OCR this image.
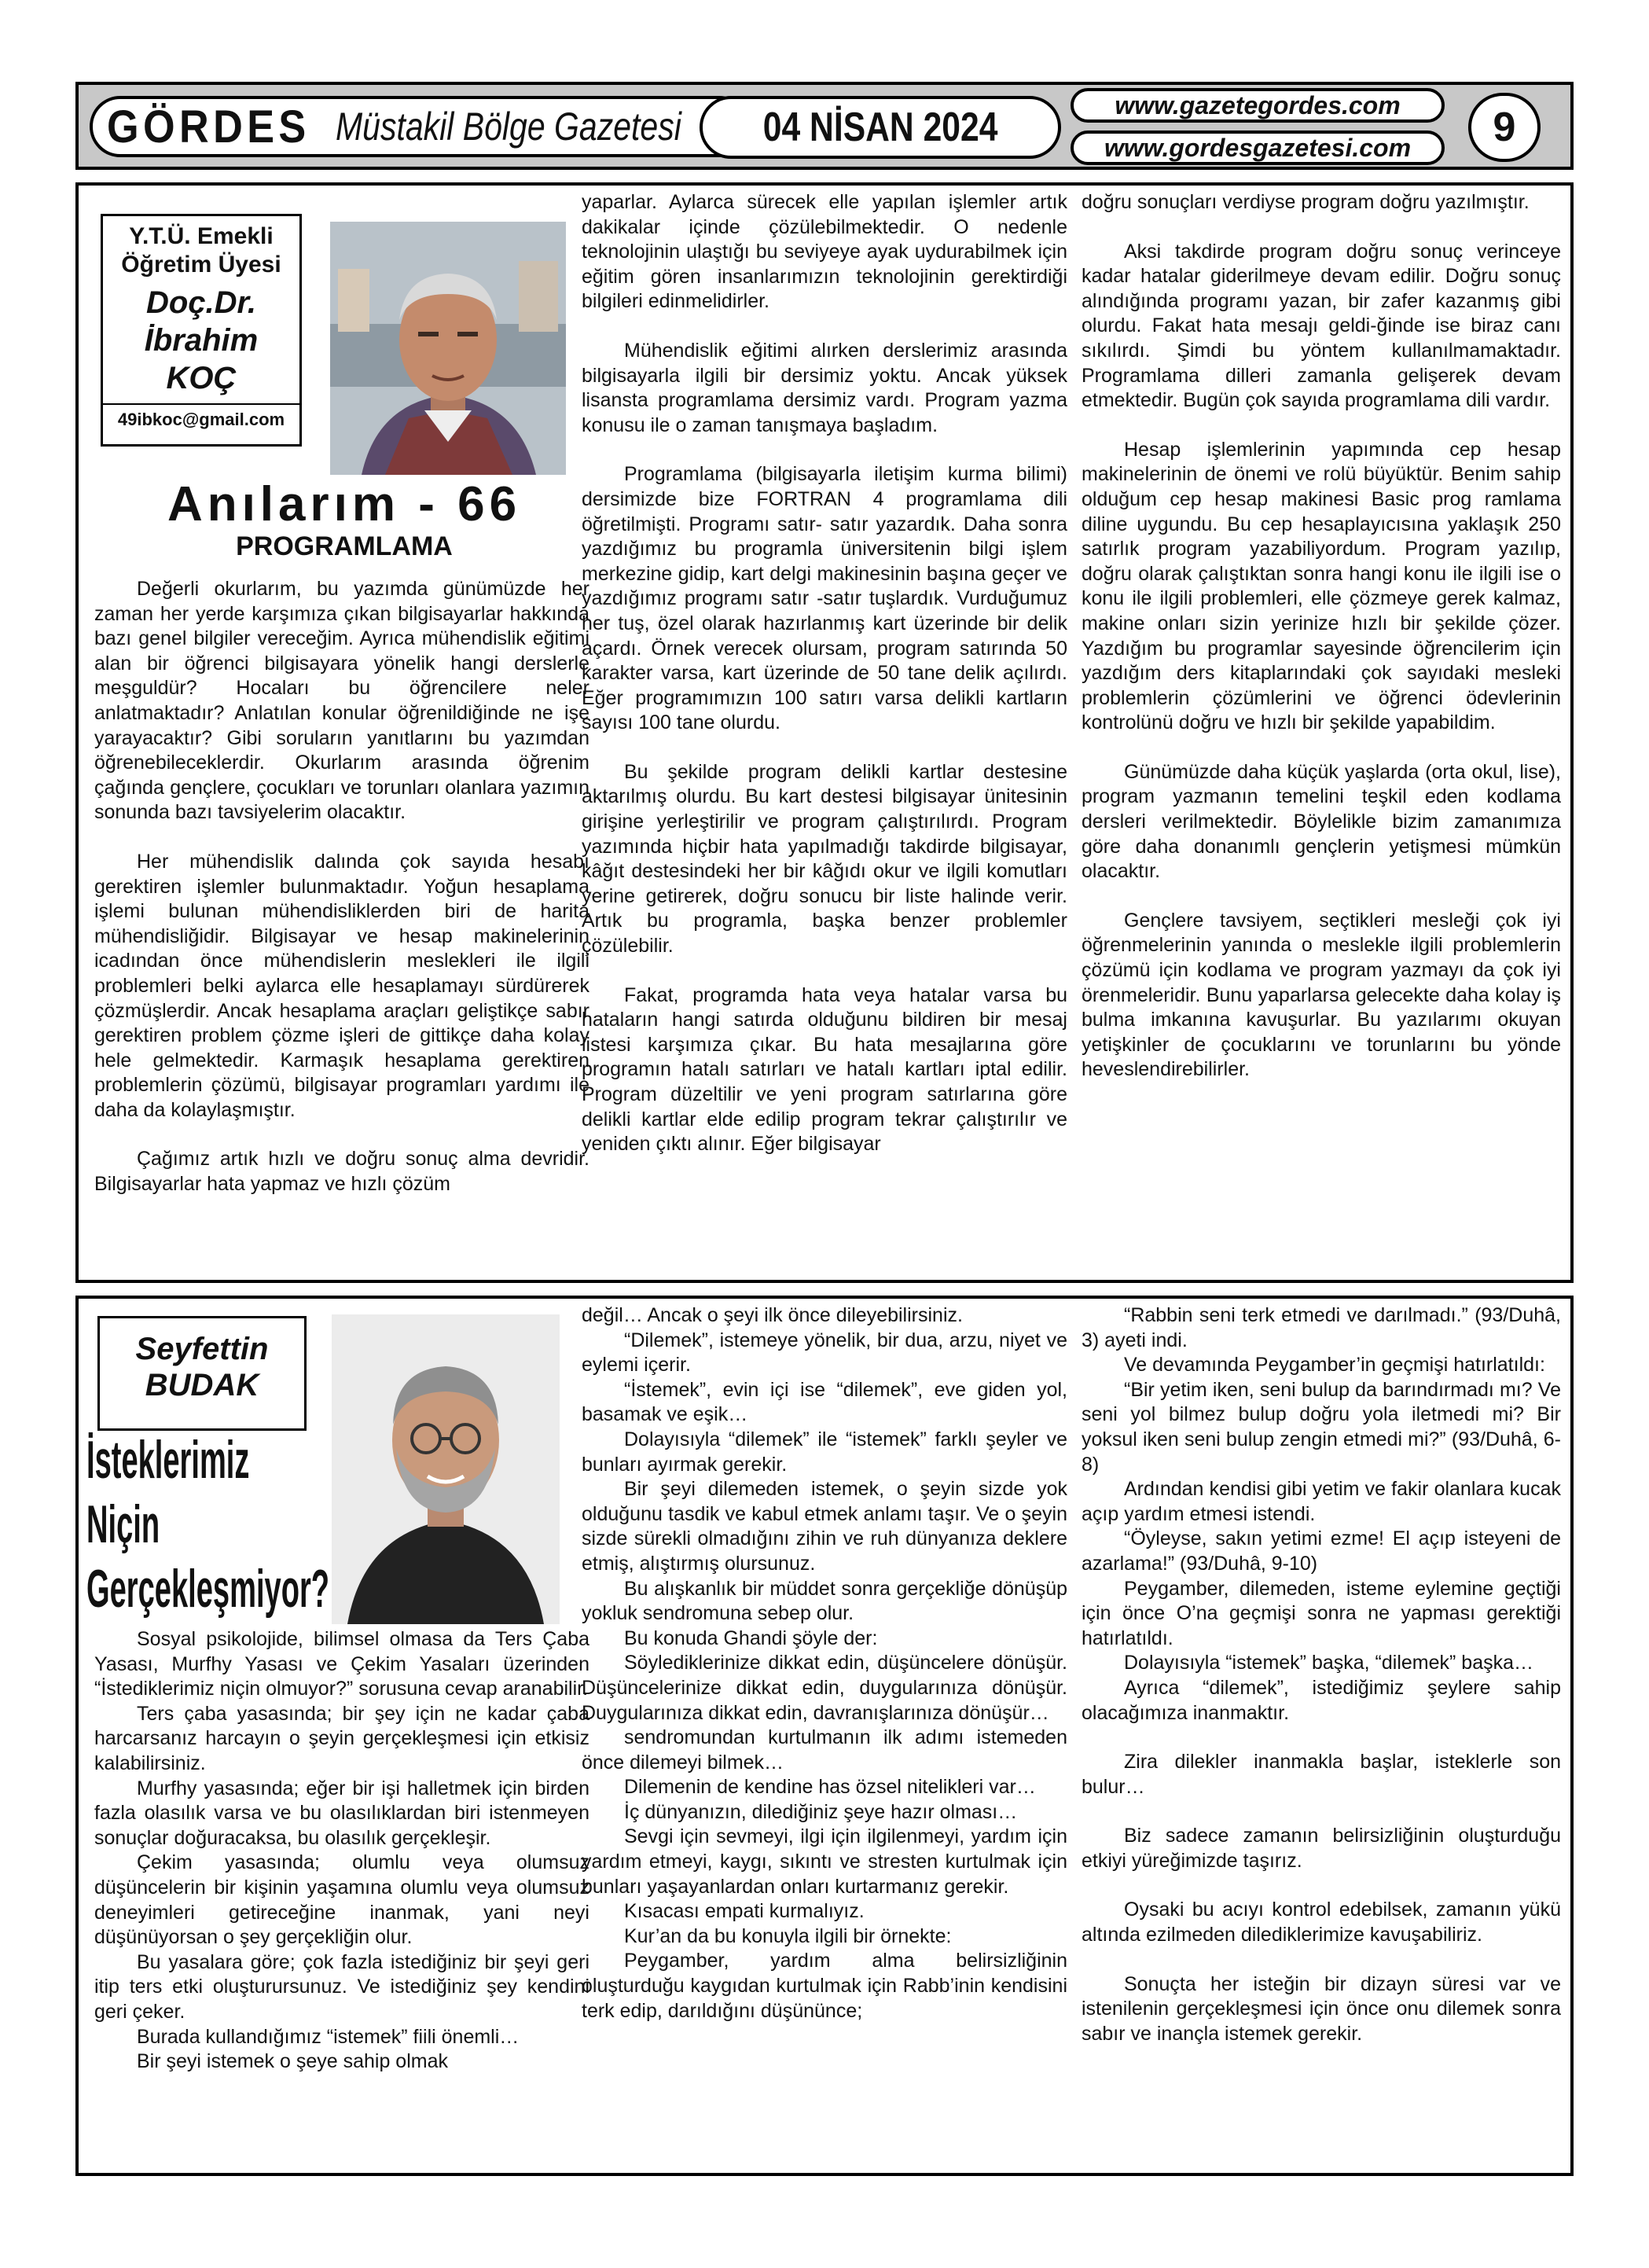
GÖRDES Müstakil Bölge Gazetesi 04 NİSAN 2024	www.gazetegordes.com
www.gordesgazetesi.com	9
Y.T.Ü. Emekli
Öğretim Üyesi
Doç.Dr.
İbrahim
KOÇ
49ibkoc@gmail.com
Anılarım - 66
PROGRAMLAMA

Değerli okurlarım, bu yazımda günümüzde her zaman her yerde karşımıza çıkan bilgisayarlar hakkında bazı genel bilgiler vereceğim. Ayrıca mühendislik eğitimi alan bir öğrenci bilgisayara yönelik hangi derslerle meşguldür? Hocaları bu öğrencilere neler anlatmaktadır? Anlatılan konular öğrenildiğinde ne işe yarayacaktır? Gibi soruların yanıtlarını bu yazımdan öğrenebileceklerdir. Okurlarım arasında öğrenim çağında gençlere, çocukları ve torunları olanlara yazımın sonunda bazı tavsiyelerim olacaktır.

Her mühendislik dalında çok sayıda hesabı gerektiren işlemler bulunmaktadır. Yoğun hesaplama işlemi bulunan mühendisliklerden biri de harita mühendisliğidir. Bilgisayar ve hesap makinelerinin icadından önce mühendislerin meslekleri ile ilgili problemleri belki aylarca elle hesaplamayı sürdürerek çözmüşlerdir. Ancak hesaplama araçları geliştikçe sabır gerektiren problem çözme işleri de gittikçe daha kolay hele gelmektedir. Karmaşık hesaplama gerektiren problemlerin çözümü, bilgisayar programları yardımı ile daha da kolaylaşmıştır.

Çağımız artık hızlı ve doğru sonuç alma devridir. Bilgisayarlar hata yapmaz ve hızlı çözüm

yaparlar. Aylarca sürecek elle yapılan işlemler artık dakikalar içinde çözülebilmektedir. O nedenle teknolojinin ulaştığı bu seviyeye ayak uydurabilmek için eğitim gören insanlarımızın teknolojinin gerektirdiği bilgileri edinmelidirler.

Mühendislik eğitimi alırken derslerimiz arasında bilgisayarla ilgili bir dersimiz yoktu. Ancak yüksek lisansta programlama dersimiz vardı. Program yazma konusu ile o zaman tanışmaya başladım.

Programlama (bilgisayarla iletişim kurma bilimi) dersimizde bize FORTRAN 4 programlama dili öğretilmişti. Programı satır- satır yazardık. Daha sonra yazdığımız bu programla üniversitenin bilgi işlem merkezine gidip, kart delgi makinesinin başına geçer ve yazdığımız programı satır -satır tuşlardık. Vurduğumuz her tuş, özel olarak hazırlanmış kart üzerinde bir delik açardı. Örnek verecek olursam, program satırında 50 karakter varsa, kart üzerinde de 50 tane delik açılırdı. Eğer programımızın 100 satırı varsa delikli kartların sayısı 100 tane olurdu.

Bu şekilde program delikli kartlar destesine aktarılmış olurdu. Bu kart destesi bilgisayar ünitesinin girişine yerleştirilir ve program çalıştırılırdı. Program yazımında hiçbir hata yapılmadığı takdirde bilgisayar, kâğıt destesindeki her bir kâğıdı okur ve ilgili komutları yerine getirerek, doğru sonucu bir liste halinde verir. Artık bu programla, başka benzer problemler çözülebilir.

Fakat, programda hata veya hatalar varsa bu hataların hangi satırda olduğunu bildiren bir mesaj listesi karşımıza çıkar. Bu hata mesajlarına göre programın hatalı satırları ve hatalı kartları iptal edilir. Program düzeltilir ve yeni program satırlarına göre delikli kartlar elde edilip program tekrar çalıştırılır ve yeniden çıktı alınır. Eğer bilgisayar

doğru sonuçları verdiyse program doğru yazılmıştır.

Aksi takdirde program doğru sonuç verinceye kadar hatalar giderilmeye devam edilir. Doğru sonuç alındığında programı yazan, bir zafer kazanmış gibi olurdu. Fakat hata mesajı geldi-ğinde ise biraz canı sıkılırdı. Şimdi bu yöntem kullanılmamaktadır. Programlama dilleri zamanla gelişerek devam etmektedir. Bugün çok sayıda programlama dili vardır.

Hesap işlemlerinin yapımında cep hesap makinelerinin de önemi ve rolü büyüktür. Benim sahip olduğum cep hesap makinesi Basic prog ramlama diline uygundu. Bu cep hesaplayıcısına yaklaşık 250 satırlık program yazabiliyordum. Program yazılıp, doğru olarak çalıştıktan sonra hangi konu ile ilgili ise o konu ile ilgili problemleri, elle çözmeye gerek kalmaz, makine onları sizin yerinize hızlı bir şekilde çözer. Yazdığım bu programlar sayesinde öğrencilerim için yazdığım ders kitaplarındaki çok sayıdaki mesleki problemlerin çözümlerini ve öğrenci ödevlerinin kontrolünü doğru ve hızlı bir şekilde yapabildim.

Günümüzde daha küçük yaşlarda (orta okul, lise), program yazmanın temelini teşkil eden kodlama dersleri verilmektedir. Böylelikle bizim zamanımıza göre daha donanımlı gençlerin yetişmesi mümkün olacaktır.

Gençlere tavsiyem, seçtikleri mesleği çok iyi öğrenmelerinin yanında o meslekle ilgili problemlerin çözümü için kodlama ve program yazmayı da çok iyi örenmeleridir. Bunu yaparlarsa gelecekte daha kolay iş bulma imkanına kavuşurlar. Bu yazılarımı okuyan yetişkinler de çocuklarını ve torunlarını bu yönde heveslendirebilirler.

Seyfettin
BUDAK
İsteklerimiz
Niçin
Gerçekleşmiyor?

Sosyal psikolojide, bilimsel olmasa da Ters Çaba Yasası, Murfhy Yasası ve Çekim Yasaları üzerinden “İstediklerimiz niçin olmuyor?” sorusuna cevap aranabilir.

Ters çaba yasasında; bir şey için ne kadar çaba harcarsanız harcayın o şeyin gerçekleşmesi için etkisiz kalabilirsiniz.

Murfhy yasasında; eğer bir işi halletmek için birden fazla olasılık varsa ve bu olasılıklardan biri istenmeyen sonuçlar doğuracaksa, bu olasılık gerçekleşir.

Çekim yasasında; olumlu veya olumsuz düşüncelerin bir kişinin yaşamına olumlu veya olumsuz deneyimleri getireceğine inanmak, yani neyi düşünüyorsan o şey gerçekliğin olur.

Bu yasalara göre; çok fazla istediğiniz bir şeyi geri itip ters etki oluşturursunuz. Ve istediğiniz şey kendini geri çeker.

Burada kullandığımız “istemek” fiili önemli…

Bir şeyi istemek o şeye sahip olmak

değil… Ancak o şeyi ilk önce dileyebilirsiniz.

“Dilemek”, istemeye yönelik, bir dua, arzu, niyet ve eylemi içerir.

“İstemek”, evin içi ise “dilemek”, eve giden yol, basamak ve eşik…

Dolayısıyla “dilemek” ile “istemek” farklı şeyler ve bunları ayırmak gerekir.

Bir şeyi dilemeden istemek, o şeyin sizde yok olduğunu tasdik ve kabul etmek anlamı taşır. Ve o şeyin sizde sürekli olmadığını zihin ve ruh dünyanıza deklere etmiş, alıştırmış olursunuz.

Bu alışkanlık bir müddet sonra gerçekliğe dönüşüp yokluk sendromuna sebep olur.

Bu konuda Ghandi şöyle der:

Söylediklerinize dikkat edin, düşüncelere dönüşür. Düşüncelerinize dikkat edin, duygularınıza dönüşür. Duygularınıza dikkat edin, davranışlarınıza dönüşür…

sendromundan kurtulmanın ilk adımı istemeden önce dilemeyi bilmek…

Dilemenin de kendine has özsel nitelikleri var…

İç dünyanızın, dilediğiniz şeye hazır olması…

Sevgi için sevmeyi, ilgi için ilgilenmeyi, yardım için yardım etmeyi, kaygı, sıkıntı ve stresten kurtulmak için bunları yaşayanlardan onları kurtarmanız gerekir.

Kısacası empati kurmalıyız.

Kur’an da bu konuyla ilgili bir örnekte:

Peygamber, yardım alma belirsizliğinin oluşturduğu kaygıdan kurtulmak için Rabb’inin kendisini terk edip, darıldığını düşününce;

“Rabbin seni terk etmedi ve darılmadı.” (93/Duhâ, 3) ayeti indi.

Ve devamında Peygamber’in geçmişi hatırlatıldı:

“Bir yetim iken, seni bulup da barındırmadı mı? Ve seni yol bilmez bulup doğru yola iletmedi mi? Bir yoksul iken seni bulup zengin etmedi mi?” (93/Duhâ, 6-8)

Ardından kendisi gibi yetim ve fakir olanlara kucak açıp yardım etmesi istendi.

“Öyleyse, sakın yetimi ezme! El açıp isteyeni de azarlama!” (93/Duhâ, 9-10)

Peygamber, dilemeden, isteme eylemine geçtiği için önce O’na geçmişi sonra ne yapması gerektiği hatırlatıldı.

Dolayısıyla “istemek” başka, “dilemek” başka…

Ayrıca “dilemek”, istediğimiz şeylere sahip olacağımıza inanmaktır.

Zira dilekler inanmakla başlar, isteklerle son bulur…

Biz sadece zamanın belirsizliğinin oluşturduğu etkiyi yüreğimizde taşırız.

Oysaki bu acıyı kontrol edebilsek, zamanın yükü altında ezilmeden dilediklerimize kavuşabiliriz.

Sonuçta her isteğin bir dizayn süresi var ve istenilenin gerçekleşmesi için önce onu dilemek sonra sabır ve inançla istemek gerekir.
